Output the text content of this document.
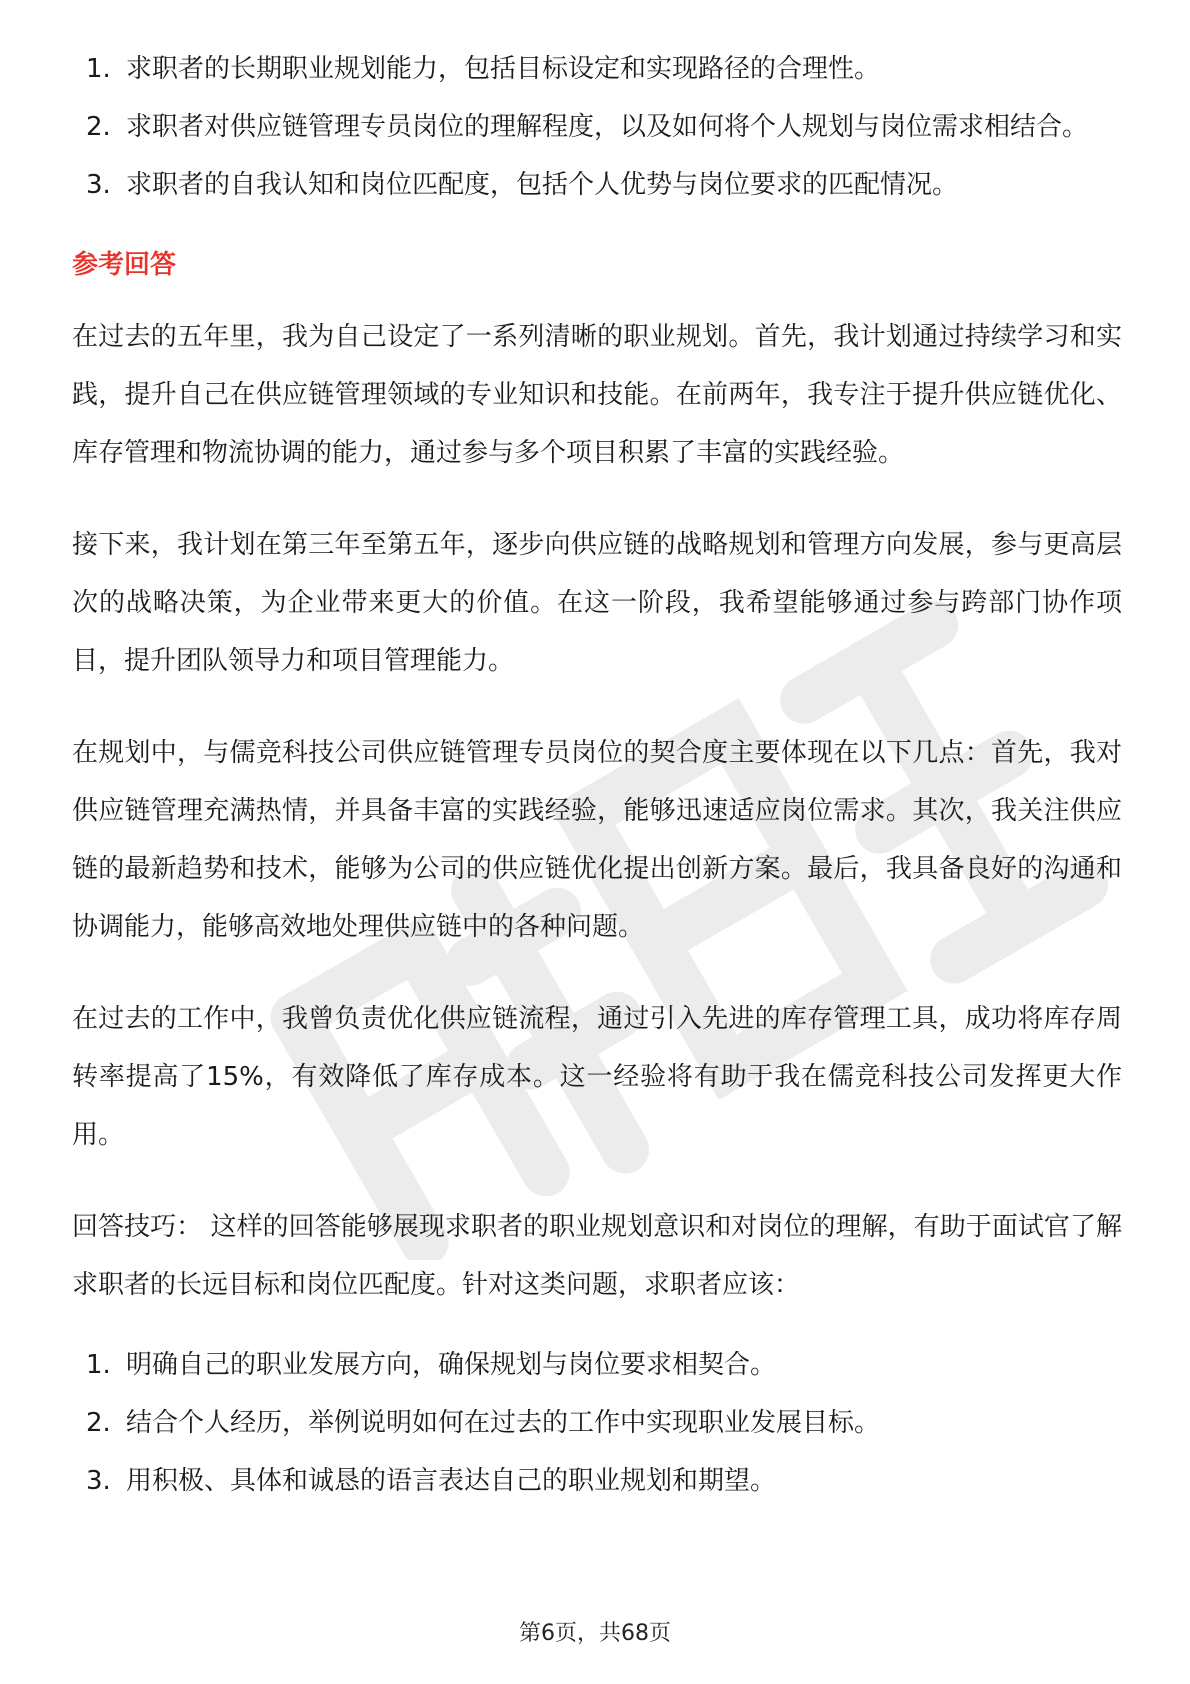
1. 求职者的长期职业规划能力，包括目标设定和实现路径的合理性。
2. 求职者对供应链管理专员岗位的理解程度，以及如何将个人规划与岗位需求相结合。
3. 求职者的自我认知和岗位匹配度，包括个人优势与岗位要求的匹配情况。
参考回答

在过去的五年里，我为自己设定了一系列清晰的职业规划。首先，我计划通过持续学习和实践，提升自己在供应链管理领域的专业知识和技能。在前两年，我专注于提升供应链优化、库存管理和物流协调的能力，通过参与多个项目积累了丰富的实践经验。

接下来，我计划在第三年至第五年，逐步向供应链的战略规划和管理方向发展，参与更高层次的战略决策，为企业带来更大的价值。在这一阶段，我希望能够通过参与跨部门协作项目，提升团队领导力和项目管理能力。

在规划中，与儒竞科技公司供应链管理专员岗位的契合度主要体现在以下几点：首先，我对供应链管理充满热情，并具备丰富的实践经验，能够迅速适应岗位需求。其次，我关注供应链的最新趋势和技术，能够为公司的供应链优化提出创新方案。最后，我具备良好的沟通和协调能力，能够高效地处理供应链中的各种问题。

在过去的工作中，我曾负责优化供应链流程，通过引入先进的库存管理工具，成功将库存周转率提高了15%，有效降低了库存成本。这一经验将有助于我在儒竞科技公司发挥更大作用。

回答技巧： 这样的回答能够展现求职者的职业规划意识和对岗位的理解，有助于面试官了解求职者的长远目标和岗位匹配度。针对这类问题，求职者应该：

1. 明确自己的职业发展方向，确保规划与岗位要求相契合。
2. 结合个人经历，举例说明如何在过去的工作中实现职业发展目标。
3. 用积极、具体和诚恳的语言表达自己的职业规划和期望。
第6页，共68页
